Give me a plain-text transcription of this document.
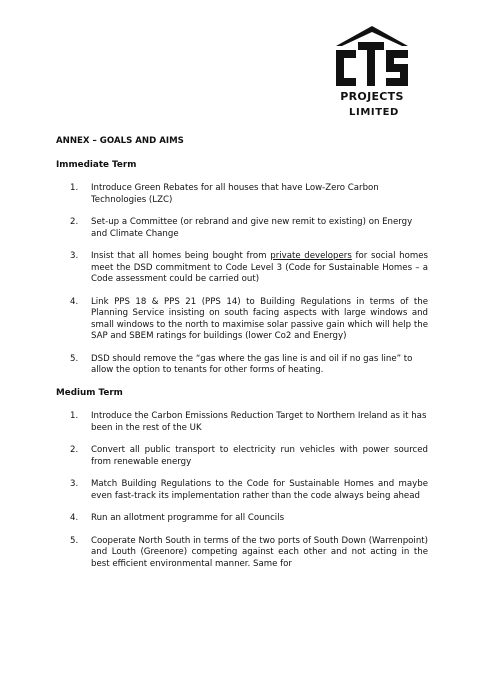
PROJECTS
LIMITED
ANNEX – GOALS AND AIMS
Immediate Term
1.	Introduce Green Rebates for all houses that have Low-Zero Carbon Technologies (LZC)
2.	Set-up a Committee (or rebrand and give new remit to existing) on Energy and Climate Change
3.	Insist that all homes being bought from private developers for social homes meet the DSD commitment to Code Level 3 (Code for Sustainable Homes – a Code assessment could be carried out)
4.	Link PPS 18 & PPS 21 (PPS 14) to Building Regulations in terms of the Planning Service insisting on south facing aspects with large windows and small windows to the north to maximise solar passive gain which will help the SAP and SBEM ratings for buildings (lower Co2 and Energy)
5.	DSD should remove the “gas where the gas line is and oil if no gas line” to allow the option to tenants for other forms of heating.
Medium Term
1.	Introduce the Carbon Emissions Reduction Target to Northern Ireland as it has been in the rest of the UK
2.	Convert all public transport to electricity run vehicles with power sourced from renewable energy
3.	Match Building Regulations to the Code for Sustainable Homes and maybe even fast-track its implementation rather than the code always being ahead
4.	Run an allotment programme for all Councils
5.	Cooperate North South in terms of the two ports of South Down (Warrenpoint) and Louth (Greenore) competing against each other and not acting in the best efficient environmental manner. Same for
